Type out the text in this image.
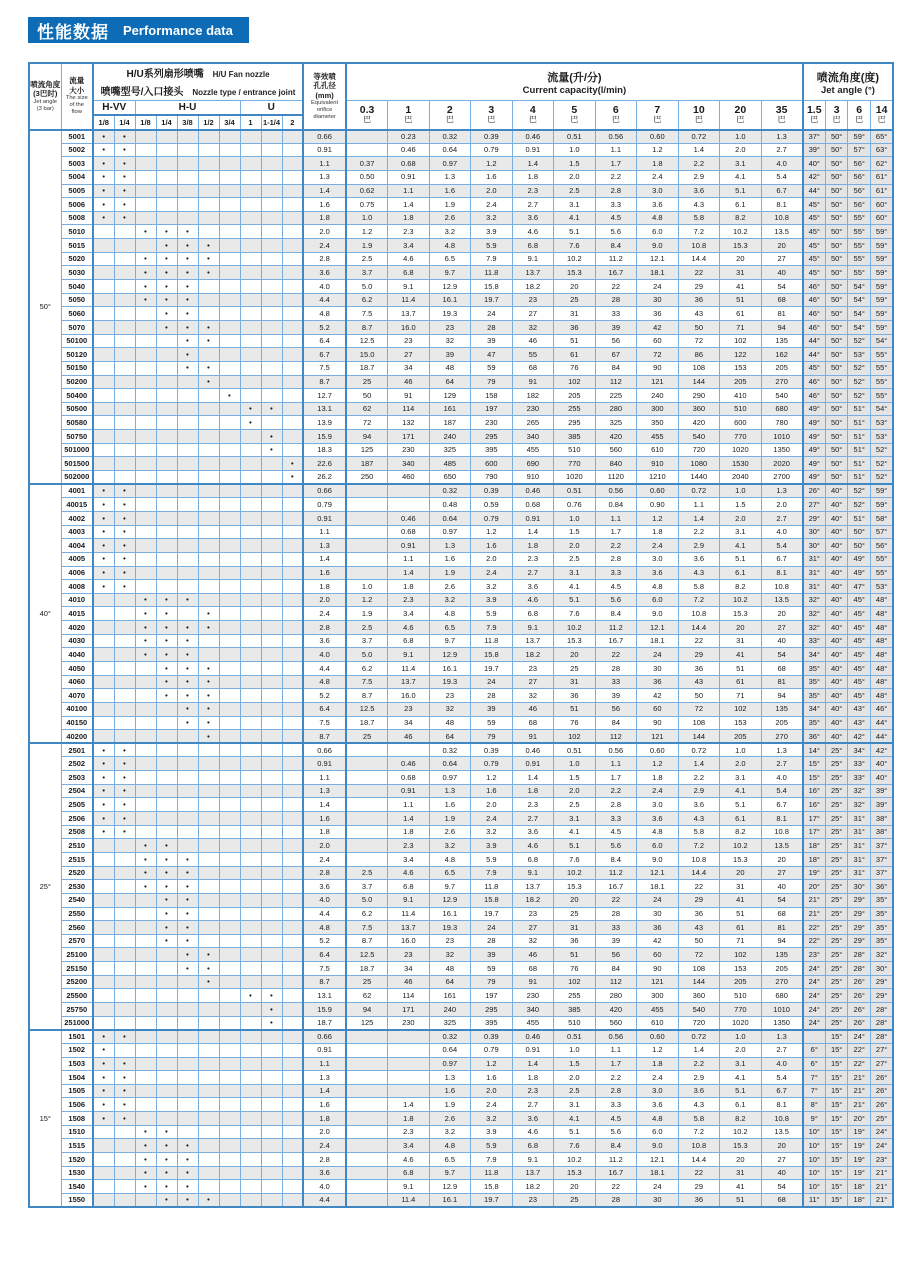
性能数据 Performance data
喷流角度
(3巴时)
Jet angle
(3 bar)

流量
大小
The size
of the
flow

H/U系列扇形喷嘴 H/U Fan nozzle
喷嘴型号/入口接头 Nozzle type / entrance joint

等效喷
孔孔径
(mm)
Equivalent
orifice
diameter

流量(升/分)
Current capacity(l/min)

喷流角度(度)
Jet angle (°)

H-VV	H-U	U	0.3
巴

1
巴

2
巴

3
巴

4
巴

5
巴

6
巴

7
巴

10
巴

20
巴

35
巴

1.5
巴

3
巴

6
巴

14
巴

		1/8	1/4	1/8	1/4	3/8	1/2	3/4	1	1-1/4	2																
50°	5001	•	•									0.66		0.23	0.32	0.39	0.46	0.51	0.56	0.60	0.72	1.0	1.3	37°	50°	59°	65°
	5002	•	•									0.91		0.46	0.64	0.79	0.91	1.0	1.1	1.2	1.4	2.0	2.7	39°	50°	57°	63°
	5003	•	•									1.1	0.37	0.68	0.97	1.2	1.4	1.5	1.7	1.8	2.2	3.1	4.0	40°	50°	56°	62°
	5004	•	•									1.3	0.50	0.91	1.3	1.6	1.8	2.0	2.2	2.4	2.9	4.1	5.4	42°	50°	56°	61°
	5005	•	•									1.4	0.62	1.1	1.6	2.0	2.3	2.5	2.8	3.0	3.6	5.1	6.7	44°	50°	56°	61°
	5006	•	•									1.6	0.75	1.4	1.9	2.4	2.7	3.1	3.3	3.6	4.3	6.1	8.1	45°	50°	56°	60°
	5008	•	•									1.8	1.0	1.8	2.6	3.2	3.6	4.1	4.5	4.8	5.8	8.2	10.8	45°	50°	55°	60°
	5010			•	•	•						2.0	1.2	2.3	3.2	3.9	4.6	5.1	5.6	6.0	7.2	10.2	13.5	45°	50°	55°	59°
	5015				•	•	•					2.4	1.9	3.4	4.8	5.9	6.8	7.6	8.4	9.0	10.8	15.3	20	45°	50°	55°	59°
	5020			•	•	•	•					2.8	2.5	4.6	6.5	7.9	9.1	10.2	11.2	12.1	14.4	20	27	45°	50°	55°	59°
	5030			•	•	•	•					3.6	3.7	6.8	9.7	11.8	13.7	15.3	16.7	18.1	22	31	40	45°	50°	55°	59°
	5040			•	•	•						4.0	5.0	9.1	12.9	15.8	18.2	20	22	24	29	41	54	46°	50°	54°	59°
	5050			•	•	•						4.4	6.2	11.4	16.1	19.7	23	25	28	30	36	51	68	46°	50°	54°	59°
	5060				•	•						4.8	7.5	13.7	19.3	24	27	31	33	36	43	61	81	46°	50°	54°	59°
	5070				•	•	•					5.2	8.7	16.0	23	28	32	36	39	42	50	71	94	46°	50°	54°	59°
	50100					•	•					6.4	12.5	23	32	39	46	51	56	60	72	102	135	44°	50°	52°	54°
	50120					•						6.7	15.0	27	39	47	55	61	67	72	86	122	162	44°	50°	53°	55°
	50150					•	•					7.5	18.7	34	48	59	68	76	84	90	108	153	205	45°	50°	52°	55°
	50200						•					8.7	25	46	64	79	91	102	112	121	144	205	270	46°	50°	52°	55°
	50400							•				12.7	50	91	129	158	182	205	225	240	290	410	540	46°	50°	52°	55°
	50500								•	•		13.1	62	114	161	197	230	255	280	300	360	510	680	49°	50°	51°	54°
	50580								•			13.9	72	132	187	230	265	295	325	350	420	600	780	49°	50°	51°	53°
	50750									•		15.9	94	171	240	295	340	385	420	455	540	770	1010	49°	50°	51°	53°
	501000									•		18.3	125	230	325	395	455	510	560	610	720	1020	1350	49°	50°	51°	52°
	501500										•	22.6	187	340	485	600	690	770	840	910	1080	1530	2020	49°	50°	51°	52°
	502000										•	26.2	250	460	650	790	910	1020	1120	1210	1440	2040	2700	49°	50°	51°	52°
40°	4001	•	•									0.66			0.32	0.39	0.46	0.51	0.56	0.60	0.72	1.0	1.3	26°	40°	52°	59°
	40015	•	•									0.79			0.48	0.59	0.68	0.76	0.84	0.90	1.1	1.5	2.0	27°	40°	52°	59°
	4002	•	•									0.91		0.46	0.64	0.79	0.91	1.0	1.1	1.2	1.4	2.0	2.7	29°	40°	51°	58°
	4003	•	•									1.1		0.68	0.97	1.2	1.4	1.5	1.7	1.8	2.2	3.1	4.0	30°	40°	50°	57°
	4004	•	•									1.3		0.91	1.3	1.6	1.8	2.0	2.2	2.4	2.9	4.1	5.4	30°	40°	50°	56°
	4005	•	•									1.4		1.1	1.6	2.0	2.3	2.5	2.8	3.0	3.6	5.1	6.7	31°	40°	49°	55°
	4006	•	•									1.6		1.4	1.9	2.4	2.7	3.1	3.3	3.6	4.3	6.1	8.1	31°	40°	49°	55°
	4008	•	•									1.8	1.0	1.8	2.6	3.2	3.6	4.1	4.5	4.8	5.8	8.2	10.8	31°	40°	47°	53°
	4010			•	•	•						2.0	1.2	2.3	3.2	3.9	4.6	5.1	5.6	6.0	7.2	10.2	13.5	32°	40°	45°	48°
	4015			•	•		•					2.4	1.9	3.4	4.8	5.9	6.8	7.6	8.4	9.0	10.8	15.3	20	32°	40°	45°	48°
	4020			•	•	•	•					2.8	2.5	4.6	6.5	7.9	9.1	10.2	11.2	12.1	14.4	20	27	32°	40°	45°	48°
	4030			•	•	•						3.6	3.7	6.8	9.7	11.8	13.7	15.3	16.7	18.1	22	31	40	33°	40°	45°	48°
	4040			•	•	•						4.0	5.0	9.1	12.9	15.8	18.2	20	22	24	29	41	54	34°	40°	45°	48°
	4050				•	•	•					4.4	6.2	11.4	16.1	19.7	23	25	28	30	36	51	68	35°	40°	45°	48°
	4060				•	•	•					4.8	7.5	13.7	19.3	24	27	31	33	36	43	61	81	35°	40°	45°	48°
	4070				•	•	•					5.2	8.7	16.0	23	28	32	36	39	42	50	71	94	35°	40°	45°	48°
	40100					•	•					6.4	12.5	23	32	39	46	51	56	60	72	102	135	34°	40°	43°	46°
	40150					•	•					7.5	18.7	34	48	59	68	76	84	90	108	153	205	35°	40°	43°	44°
	40200						•					8.7	25	46	64	79	91	102	112	121	144	205	270	36°	40°	42°	44°
25°	2501	•	•									0.66			0.32	0.39	0.46	0.51	0.56	0.60	0.72	1.0	1.3	14°	25°	34°	42°
	2502	•	•									0.91		0.46	0.64	0.79	0.91	1.0	1.1	1.2	1.4	2.0	2.7	15°	25°	33°	40°
	2503	•	•									1.1		0.68	0.97	1.2	1.4	1.5	1.7	1.8	2.2	3.1	4.0	15°	25°	33°	40°
	2504	•	•									1.3		0.91	1.3	1.6	1.8	2.0	2.2	2.4	2.9	4.1	5.4	16°	25°	32°	39°
	2505	•	•									1.4		1.1	1.6	2.0	2.3	2.5	2.8	3.0	3.6	5.1	6.7	16°	25°	32°	39°
	2506	•	•									1.6		1.4	1.9	2.4	2.7	3.1	3.3	3.6	4.3	6.1	8.1	17°	25°	31°	38°
	2508	•	•									1.8		1.8	2.6	3.2	3.6	4.1	4.5	4.8	5.8	8.2	10.8	17°	25°	31°	38°
	2510			•	•							2.0		2.3	3.2	3.9	4.6	5.1	5.6	6.0	7.2	10.2	13.5	18°	25°	31°	37°
	2515			•	•	•						2.4		3.4	4.8	5.9	6.8	7.6	8.4	9.0	10.8	15.3	20	18°	25°	31°	37°
	2520			•	•	•						2.8	2.5	4.6	6.5	7.9	9.1	10.2	11.2	12.1	14.4	20	27	19°	25°	31°	37°
	2530			•	•	•						3.6	3.7	6.8	9.7	11.8	13.7	15.3	16.7	18.1	22	31	40	20°	25°	30°	36°
	2540				•	•						4.0	5.0	9.1	12.9	15.8	18.2	20	22	24	29	41	54	21°	25°	29°	35°
	2550				•	•						4.4	6.2	11.4	16.1	19.7	23	25	28	30	36	51	68	21°	25°	29°	35°
	2560				•	•						4.8	7.5	13.7	19.3	24	27	31	33	36	43	61	81	22°	25°	29°	35°
	2570				•	•						5.2	8.7	16.0	23	28	32	36	39	42	50	71	94	22°	25°	29°	35°
	25100					•	•					6.4	12.5	23	32	39	46	51	56	60	72	102	135	23°	25°	28°	32°
	25150					•	•					7.5	18.7	34	48	59	68	76	84	90	108	153	205	24°	25°	28°	30°
	25200						•					8.7	25	46	64	79	91	102	112	121	144	205	270	24°	25°	26°	29°
	25500								•	•		13.1	62	114	161	197	230	255	280	300	360	510	680	24°	25°	26°	29°
	25750									•		15.9	94	171	240	295	340	385	420	455	540	770	1010	24°	25°	26°	28°
	251000									•		18.7	125	230	325	395	455	510	560	610	720	1020	1350	24°	25°	26°	28°
15°	1501	•	•									0.66			0.32	0.39	0.46	0.51	0.56	0.60	0.72	1.0	1.3		15°	24°	28°
	1502	•										0.91			0.64	0.79	0.91	1.0	1.1	1.2	1.4	2.0	2.7	6°	15°	22°	27°
	1503	•	•									1.1			0.97	1.2	1.4	1.5	1.7	1.8	2.2	3.1	4.0	6°	15°	22°	27°
	1504	•	•									1.3			1.3	1.6	1.8	2.0	2.2	2.4	2.9	4.1	5.4	7°	15°	21°	26°
	1505	•	•									1.4			1.6	2.0	2.3	2.5	2.8	3.0	3.6	5.1	6.7	7°	15°	21°	26°
	1506	•	•									1.6		1.4	1.9	2.4	2.7	3.1	3.3	3.6	4.3	6.1	8.1	8°	15°	21°	26°
	1508	•	•									1.8		1.8	2.6	3.2	3.6	4.1	4.5	4.8	5.8	8.2	10.8	9°	15°	20°	25°
	1510			•	•							2.0		2.3	3.2	3.9	4.6	5.1	5.6	6.0	7.2	10.2	13.5	10°	15°	19°	24°
	1515			•	•	•						2.4		3.4	4.8	5.9	6.8	7.6	8.4	9.0	10.8	15.3	20	10°	15°	19°	24°
	1520			•	•	•						2.8		4.6	6.5	7.9	9.1	10.2	11.2	12.1	14.4	20	27	10°	15°	19°	23°
	1530			•	•	•						3.6		6.8	9.7	11.8	13.7	15.3	16.7	18.1	22	31	40	10°	15°	19°	21°
	1540			•	•	•						4.0		9.1	12.9	15.8	18.2	20	22	24	29	41	54	10°	15°	18°	21°
	1550				•	•	•					4.4		11.4	16.1	19.7	23	25	28	30	36	51	68	11°	15°	18°	21°
